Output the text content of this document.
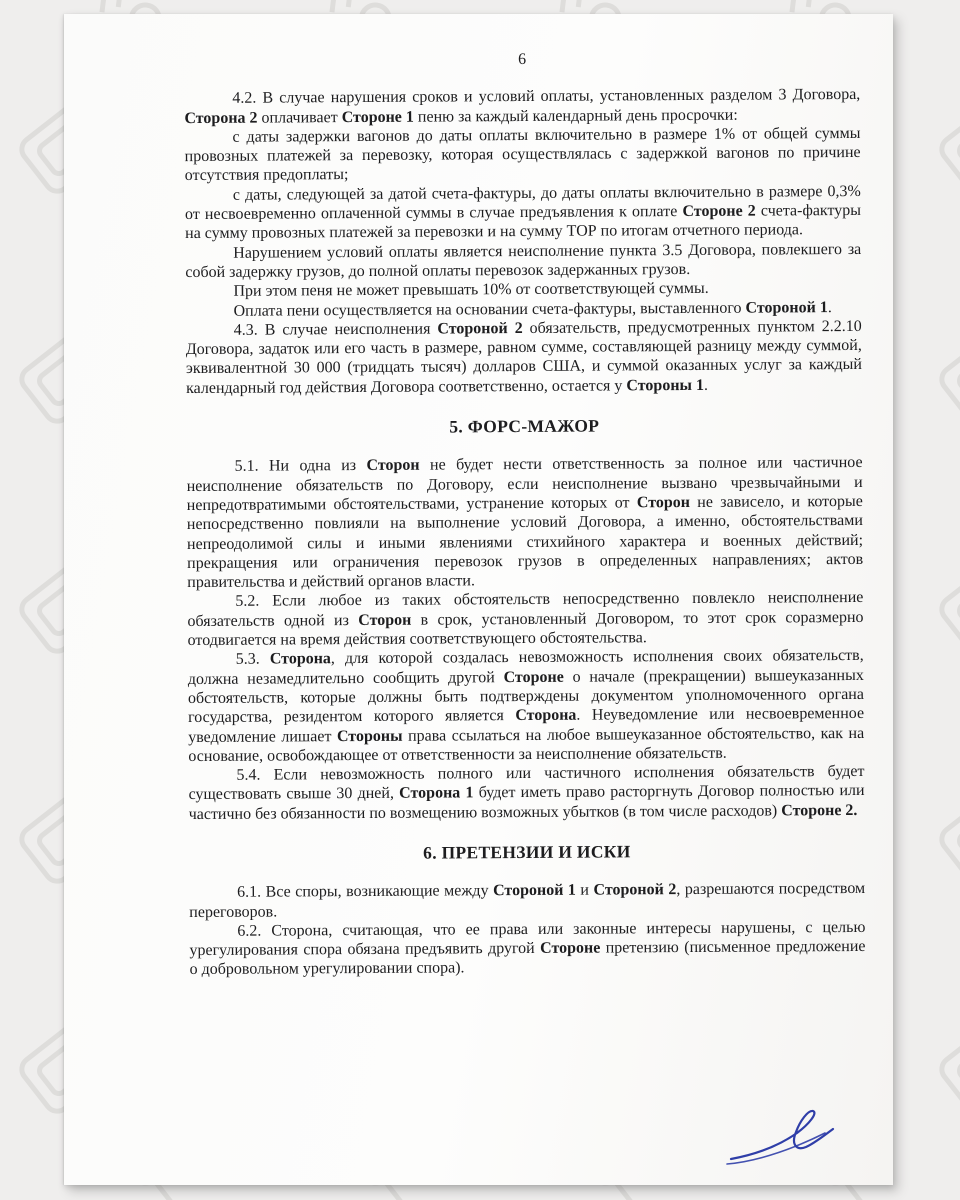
6

4.2. В случае нарушения сроков и условий оплаты, установленных разделом 3 Договора, Сторона 2 оплачивает Стороне 1 пеню за каждый календарный день просрочки:

с даты задержки вагонов до даты оплаты включительно в размере 1% от общей суммы провозных платежей за перевозку, которая осуществлялась с задержкой вагонов по причине отсутствия предоплаты;

с даты, следующей за датой счета-фактуры, до даты оплаты включительно в размере 0,3% от несвоевременно оплаченной суммы в случае предъявления к оплате Стороне 2 счета-фактуры на сумму провозных платежей за перевозки и на сумму ТОР по итогам отчетного периода.

Нарушением условий оплаты является неисполнение пункта 3.5 Договора, повлекшего за собой задержку грузов, до полной оплаты перевозок задержанных грузов.

При этом пеня не может превышать 10% от соответствующей суммы.

Оплата пени осуществляется на основании счета-фактуры, выставленного Стороной 1.

4.3. В случае неисполнения Стороной 2 обязательств, предусмотренных пунктом 2.2.10 Договора, задаток или его часть в размере, равном сумме, составляющей разницу между суммой, эквивалентной 30 000 (тридцать тысяч) долларов США, и суммой оказанных услуг за каждый календарный год действия Договора соответственно, остается у Стороны 1.

5. ФОРС-МАЖОР

5.1. Ни одна из Сторон не будет нести ответственность за полное или частичное неисполнение обязательств по Договору, если неисполнение вызвано чрезвычайными и непредотвратимыми обстоятельствами, устранение которых от Сторон не зависело, и которые непосредственно повлияли на выполнение условий Договора, а именно, обстоятельствами непреодолимой силы и иными явлениями стихийного характера и военных действий; прекращения или ограничения перевозок грузов в определенных направлениях; актов правительства и действий органов власти.

5.2. Если любое из таких обстоятельств непосредственно повлекло неисполнение обязательств одной из Сторон в срок, установленный Договором, то этот срок соразмерно отодвигается на время действия соответствующего обстоятельства.

5.3. Сторона, для которой создалась невозможность исполнения своих обязательств, должна незамедлительно сообщить другой Стороне о начале (прекращении) вышеуказанных обстоятельств, которые должны быть подтверждены документом уполномоченного органа государства, резидентом которого является Сторона. Неуведомление или несвоевременное уведомление лишает Стороны права ссылаться на любое вышеуказанное обстоятельство, как на основание, освобождающее от ответственности за неисполнение обязательств.

5.4. Если невозможность полного или частичного исполнения обязательств будет существовать свыше 30 дней, Сторона 1 будет иметь право расторгнуть Договор полностью или частично без обязанности по возмещению возможных убытков (в том числе расходов) Стороне 2.

6. ПРЕТЕНЗИИ И ИСКИ

6.1. Все споры, возникающие между Стороной 1 и Стороной 2, разрешаются посредством переговоров.

6.2. Сторона, считающая, что ее права или законные интересы нарушены, с целью урегулирования спора обязана предъявить другой Стороне претензию (письменное предложение о добровольном урегулировании спора).
